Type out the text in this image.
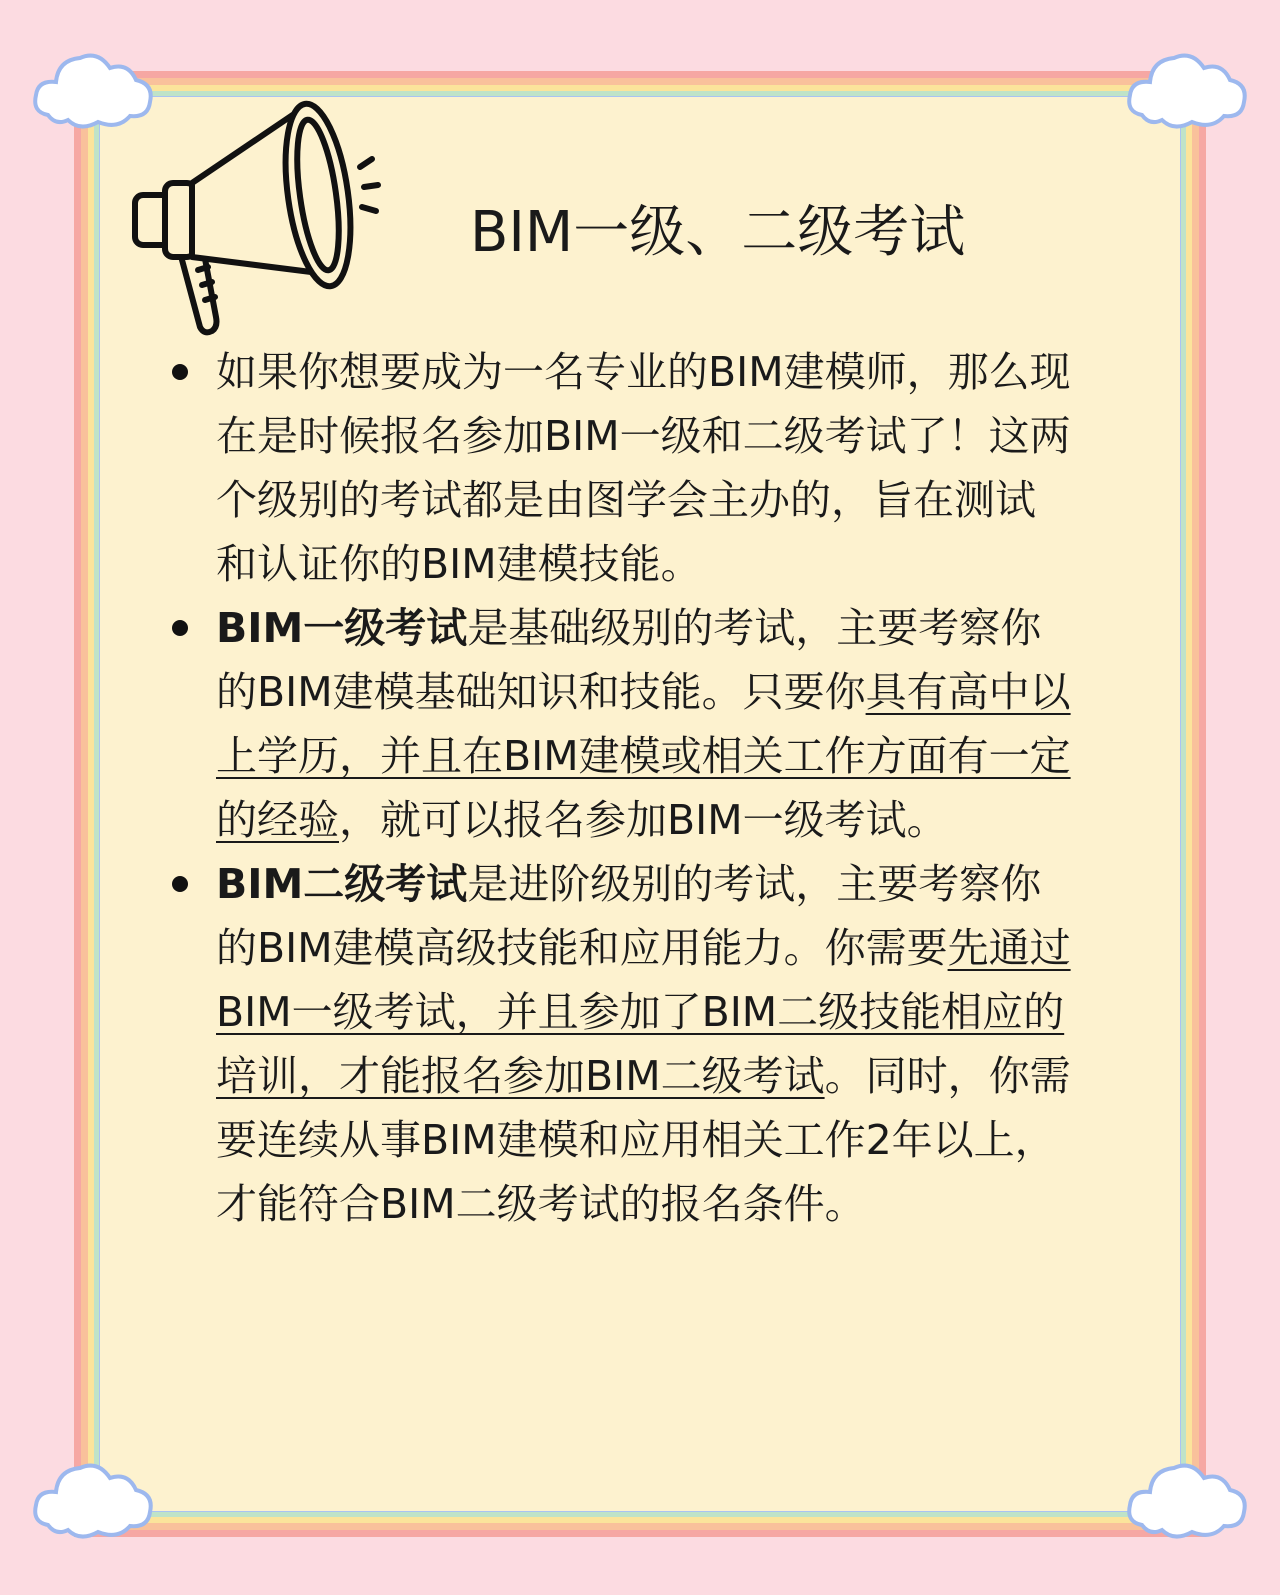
BIM一级、二级考试
如果你想要成为一名专业的BIM建模师，那么现在是时候报名参加BIM一级和二级考试了！这两个级别的考试都是由图学会主办的，旨在测试和认证你的BIM建模技能。
BIM一级考试是基础级别的考试，主要考察你的BIM建模基础知识和技能。只要你具有高中以上学历，并且在BIM建模或相关工作方面有一定的经验，就可以报名参加BIM一级考试。
BIM二级考试是进阶级别的考试，主要考察你的BIM建模高级技能和应用能力。你需要先通过BIM一级考试，并且参加了BIM二级技能相应的培训，才能报名参加BIM二级考试。同时，你需要连续从事BIM建模和应用相关工作2年以上，才能符合BIM二级考试的报名条件。
